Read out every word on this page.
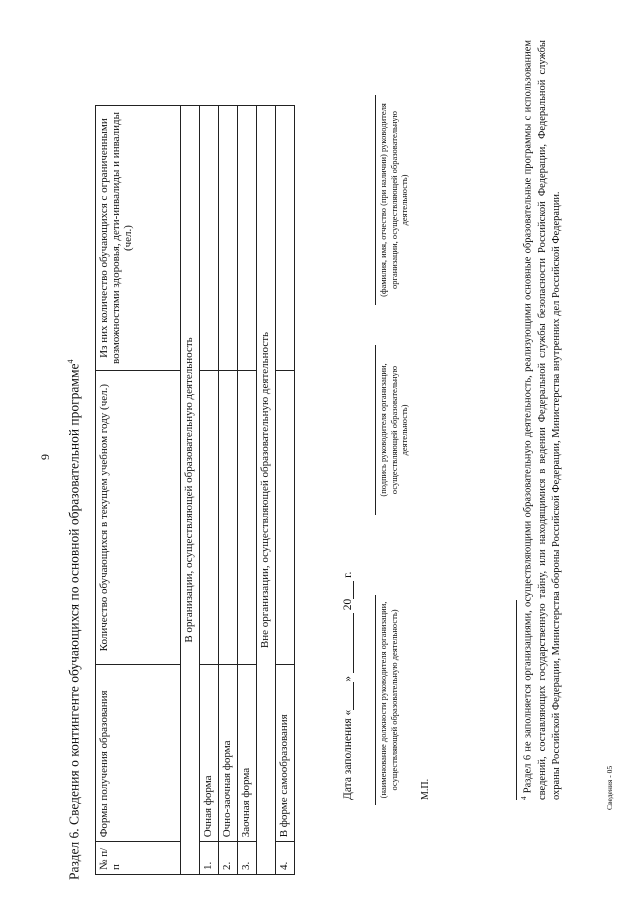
9 Раздел 6. Сведения о контингенте обучающихся по основной образовательной программе$^4$
№ п/п	Формы получения образования	Количество обучающихся в текущем учебном году (чел.)	Из них количество обучающихся с ограниченными возможностями здоровья, дети-инвалиды и инвалиды (чел.)
В организации, осуществляющей образовательную деятельность			
1.	Очная форма		
2.	Очно-заочная форма		
3.	Заочная форма		
Вне организации, осуществляющей образовательную деятельность			
4.	В форме самообразования			Дата заполнения «»  20 г.
(наименование должности руководителя организации, осуществляющей образовательную деятельность)
(подпись руководителя организации, осуществляющей образовательную деятельность)
(фамилия, имя, отчество (при наличии) руководителя организации, осуществляющей образовательную деятельность)
М.П.	$^4$ Раздел 6 не заполняется организациями, осуществляющими образовательную деятельность, реализующими основные образовательные программы с использованием сведений, составляющих государственную тайну, или находящимися в ведении Федеральной службы безопасности Российской Федерации, Федеральной службы охраны Российской Федерации, Министерства обороны Российской Федерации, Министерства внутренних дел Российской Федерации.	Сведения - 05
